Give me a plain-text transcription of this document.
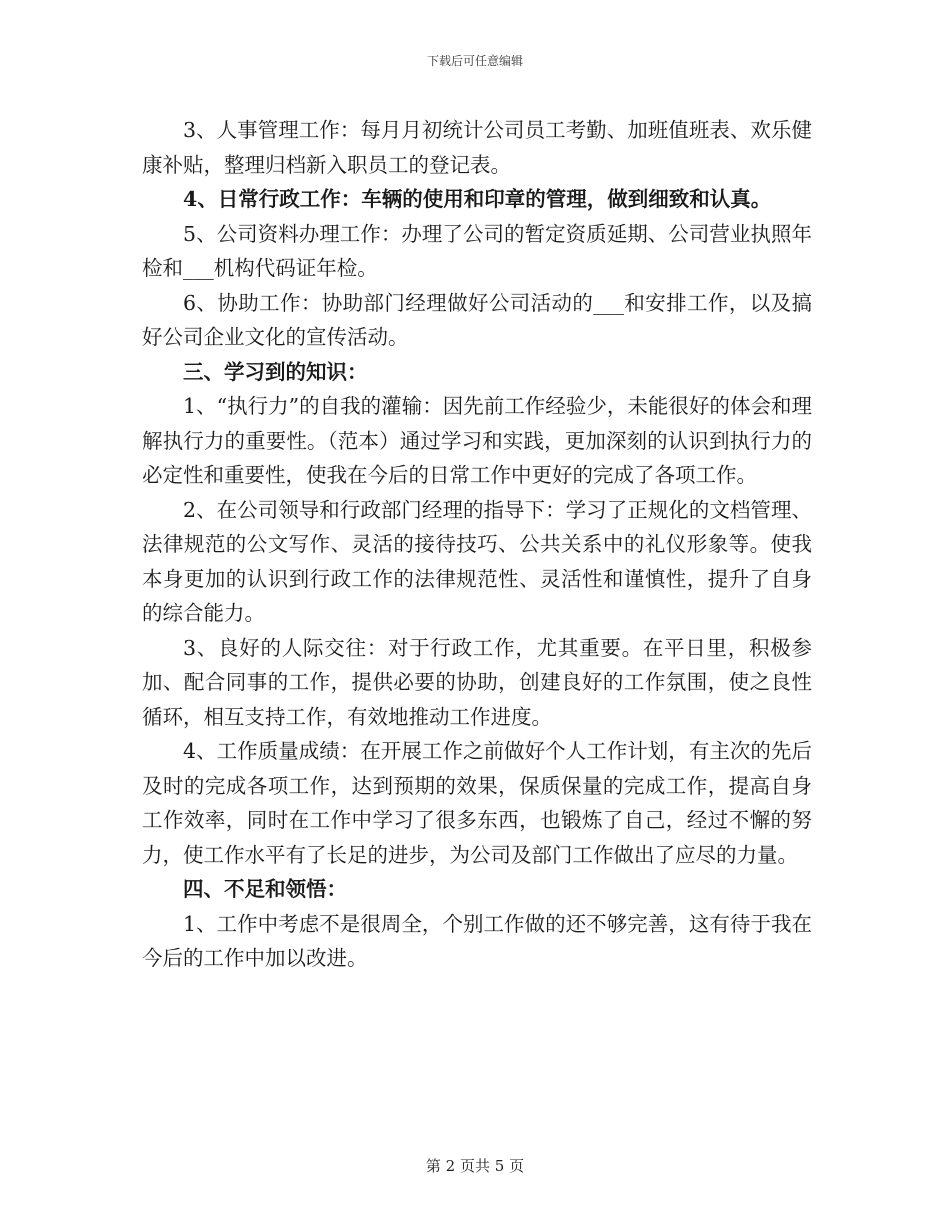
下载后可任意编辑

3、人事管理工作：每月月初统计公司员工考勤、加班值班表、欢乐健康补贴，整理归档新入职员工的登记表。

4、日常行政工作：车辆的使用和印章的管理，做到细致和认真。

5、公司资料办理工作：办理了公司的暂定资质延期、公司营业执照年检和___机构代码证年检。

6、协助工作：协助部门经理做好公司活动的___和安排工作，以及搞好公司企业文化的宣传活动。

三、学习到的知识：

1、“执行力”的自我的灌输：因先前工作经验少，未能很好的体会和理解执行力的重要性。（范本）通过学习和实践，更加深刻的认识到执行力的必定性和重要性，使我在今后的日常工作中更好的完成了各项工作。

2、在公司领导和行政部门经理的指导下：学习了正规化的文档管理、法律规范的公文写作、灵活的接待技巧、公共关系中的礼仪形象等。使我本身更加的认识到行政工作的法律规范性、灵活性和谨慎性，提升了自身的综合能力。

3、良好的人际交往：对于行政工作，尤其重要。在平日里，积极参加、配合同事的工作，提供必要的协助，创建良好的工作氛围，使之良性循环，相互支持工作，有效地推动工作进度。

4、工作质量成绩：在开展工作之前做好个人工作计划，有主次的先后及时的完成各项工作，达到预期的效果，保质保量的完成工作，提高自身工作效率，同时在工作中学习了很多东西，也锻炼了自己，经过不懈的努力，使工作水平有了长足的进步，为公司及部门工作做出了应尽的力量。

四、不足和领悟：

1、工作中考虑不是很周全，个别工作做的还不够完善，这有待于我在今后的工作中加以改进。

第 2 页共 5 页
